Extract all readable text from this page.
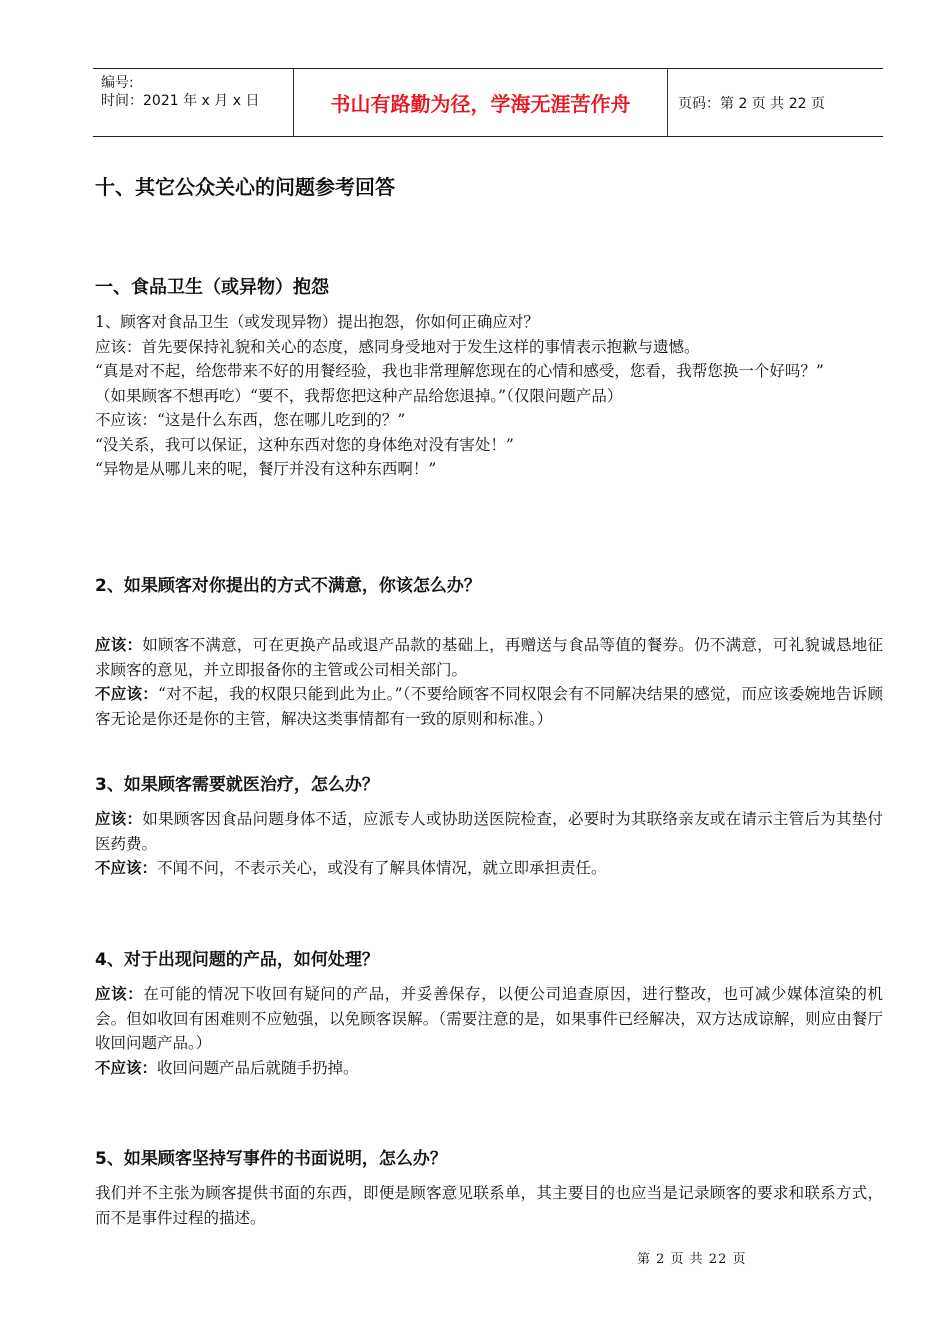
编号:
时间：2021 年 x 月 x 日	书山有路勤为径，学海无涯苦作舟	页码：第 2 页 共 22 页
十、其它公众关心的问题参考回答
一、食品卫生（或异物）抱怨

1、顾客对食品卫生（或发现异物）提出抱怨，你如何正确应对？

应该：首先要保持礼貌和关心的态度，感同身受地对于发生这样的事情表示抱歉与遗憾。

“真是对不起，给您带来不好的用餐经验，我也非常理解您现在的心情和感受，您看，我帮您换一个好吗？”

（如果顾客不想再吃）“要不，我帮您把这种产品给您退掉。”（仅限问题产品）

不应该：“这是什么东西，您在哪儿吃到的？”

“没关系，我可以保证，这种东西对您的身体绝对没有害处！”

“异物是从哪儿来的呢，餐厅并没有这种东西啊！”

2、如果顾客对你提出的方式不满意，你该怎么办？

应该：如顾客不满意，可在更换产品或退产品款的基础上，再赠送与食品等值的餐券。仍不满意，可礼貌诚恳地征求顾客的意见，并立即报备你的主管或公司相关部门。

不应该：“对不起，我的权限只能到此为止。”（不要给顾客不同权限会有不同解决结果的感觉，而应该委婉地告诉顾客无论是你还是你的主管，解决这类事情都有一致的原则和标准。）

3、如果顾客需要就医治疗，怎么办？

应该：如果顾客因食品问题身体不适，应派专人或协助送医院检查，必要时为其联络亲友或在请示主管后为其垫付医药费。

不应该：不闻不问，不表示关心，或没有了解具体情况，就立即承担责任。

4、对于出现问题的产品，如何处理？

应该：在可能的情况下收回有疑问的产品，并妥善保存，以便公司追查原因，进行整改，也可减少媒体渲染的机会。但如收回有困难则不应勉强，以免顾客误解。（需要注意的是，如果事件已经解决，双方达成谅解，则应由餐厅收回问题产品。）

不应该：收回问题产品后就随手扔掉。

5、如果顾客坚持写事件的书面说明，怎么办？

我们并不主张为顾客提供书面的东西，即便是顾客意见联系单，其主要目的也应当是记录顾客的要求和联系方式，而不是事件过程的描述。

第 2 页 共 22 页
